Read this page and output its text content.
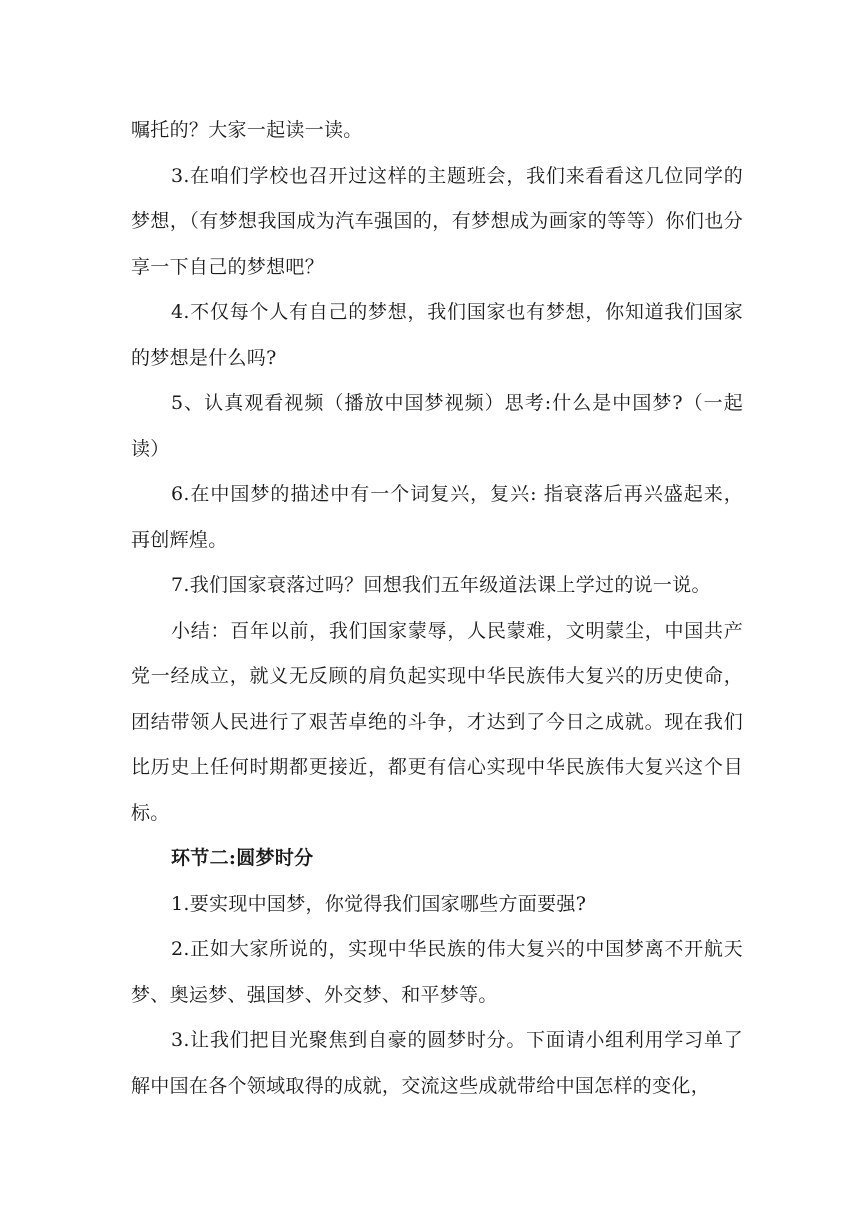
嘱托的？大家一起读一读。

3.在咱们学校也召开过这样的主题班会，我们来看看这几位同学的梦想，（有梦想我国成为汽车强国的，有梦想成为画家的等等）你们也分享一下自己的梦想吧？

4.不仅每个人有自己的梦想，我们国家也有梦想，你知道我们国家的梦想是什么吗?

5、认真观看视频（播放中国梦视频）思考:什么是中国梦?（一起读）

6.在中国梦的描述中有一个词复兴，复兴: 指衰落后再兴盛起来，再创辉煌。

7.我们国家衰落过吗？回想我们五年级道法课上学过的说一说。

小结：百年以前，我们国家蒙辱，人民蒙难，文明蒙尘，中国共产党一经成立，就义无反顾的肩负起实现中华民族伟大复兴的历史使命，团结带领人民进行了艰苦卓绝的斗争，才达到了今日之成就。现在我们比历史上任何时期都更接近，都更有信心实现中华民族伟大复兴这个目标。

环节二:圆梦时分

1.要实现中国梦，你觉得我们国家哪些方面要强?

2.正如大家所说的，实现中华民族的伟大复兴的中国梦离不开航天梦、奥运梦、强国梦、外交梦、和平梦等。

3.让我们把目光聚焦到自豪的圆梦时分。下面请小组利用学习单了解中国在各个领域取得的成就，交流这些成就带给中国怎样的变化，
